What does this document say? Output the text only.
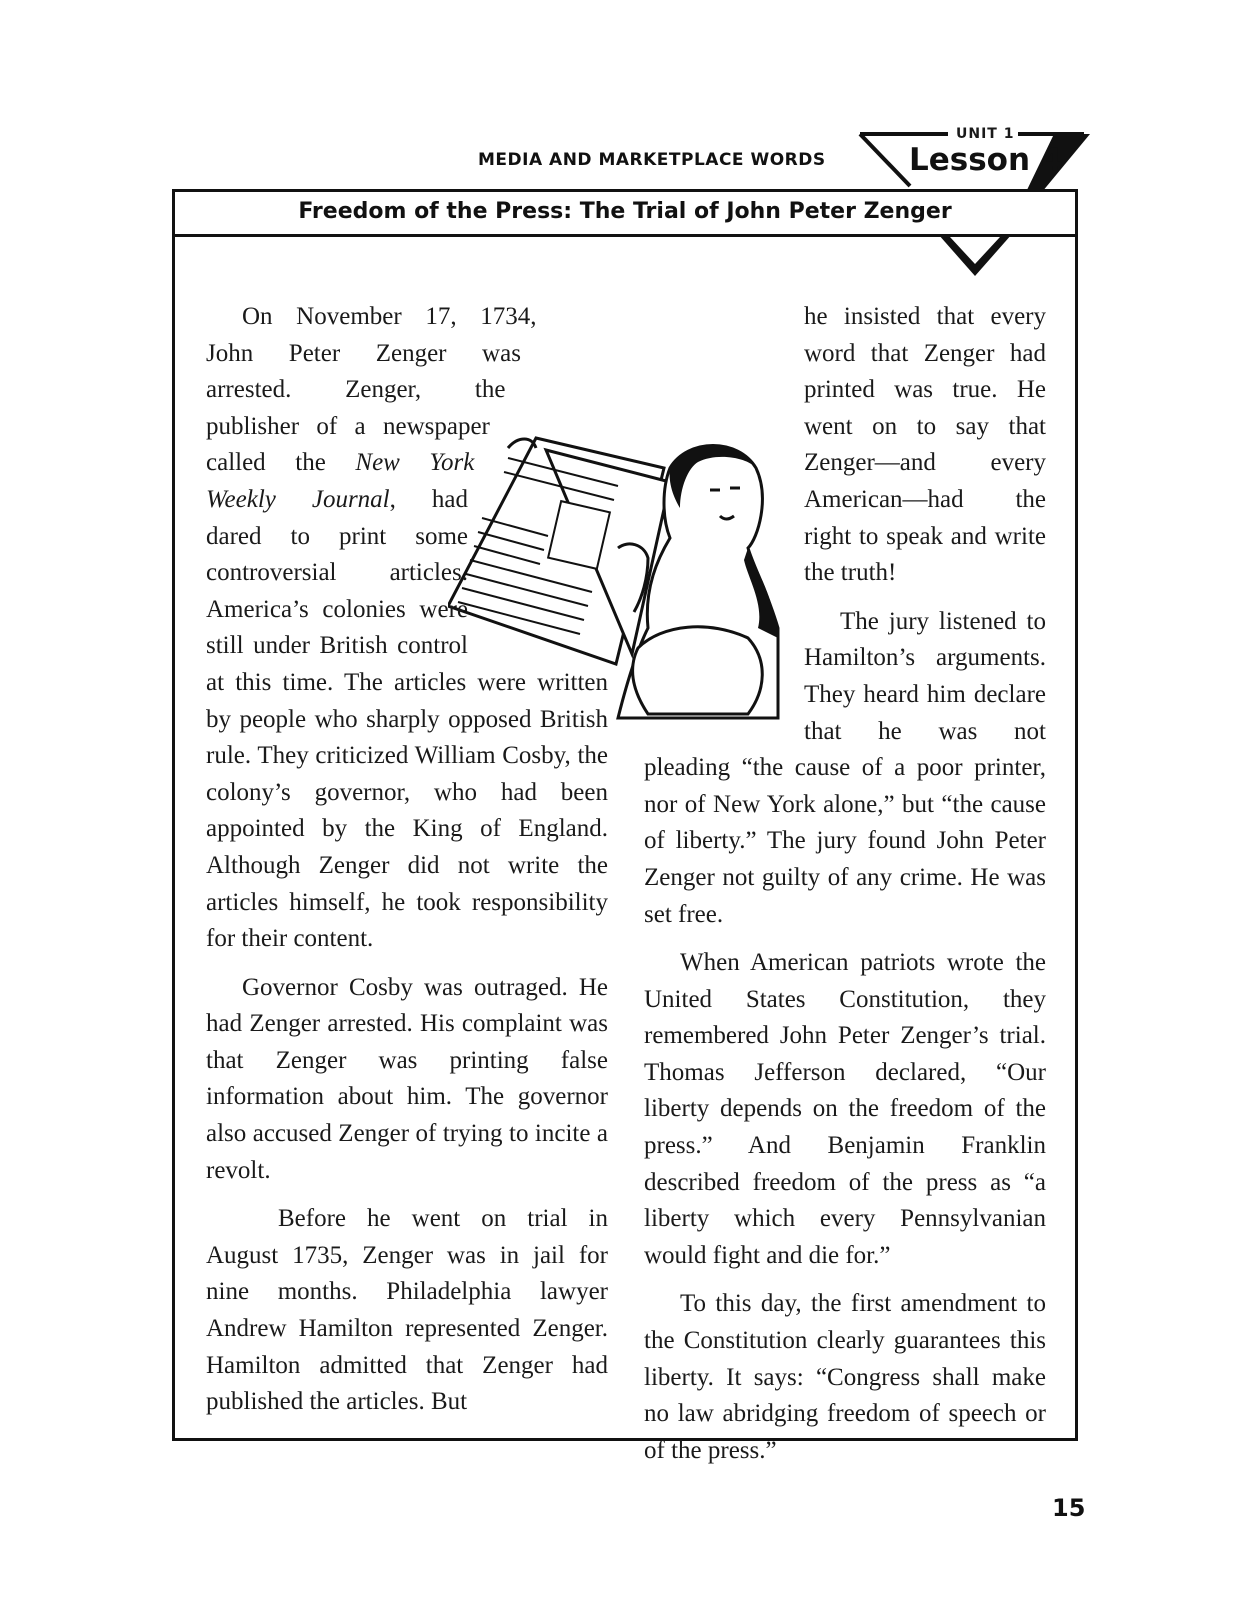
MEDIA AND MARKETPLACE WORDS
UNIT 1
Lesson 4
Freedom of the Press: The Trial of John Peter Zenger

On November 17, 1734, John Peter Zenger was arrested. Zenger, the publisher of a newspaper called the New York Weekly Journal, had dared to print some controversial articles. America’s colonies were still under British control at this time. The articles were written by people who sharply opposed British rule. They criticized William Cosby, the colony’s governor, who had been appointed by the King of England. Although Zenger did not write the articles himself, he took responsibility for their content.

Governor Cosby was outraged. He had Zenger arrested. His complaint was that Zenger was printing false information about him. The governor also accused Zenger of trying to incite a revolt.

Before he went on trial in August 1735, Zenger was in jail for nine months. Philadelphia lawyer Andrew Hamilton represented Zenger. Hamilton admitted that Zenger had published the articles. But

he insisted that every word that Zenger had printed was true. He went on to say that Zenger—and every American—had the right to speak and write the truth!

The jury listened to Hamilton’s arguments. They heard him declare that he was not pleading “the cause of a poor printer, nor of New York alone,” but “the cause of liberty.” The jury found John Peter Zenger not guilty of any crime. He was set free.

When American patriots wrote the United States Constitution, they remembered John Peter Zenger’s trial. Thomas Jefferson declared, “Our liberty depends on the freedom of the press.” And Benjamin Franklin described freedom of the press as “a liberty which every Pennsylvanian would fight and die for.”

To this day, the first amendment to the Constitution clearly guarantees this liberty. It says: “Congress shall make no law abridging freedom of speech or of the press.”

15
